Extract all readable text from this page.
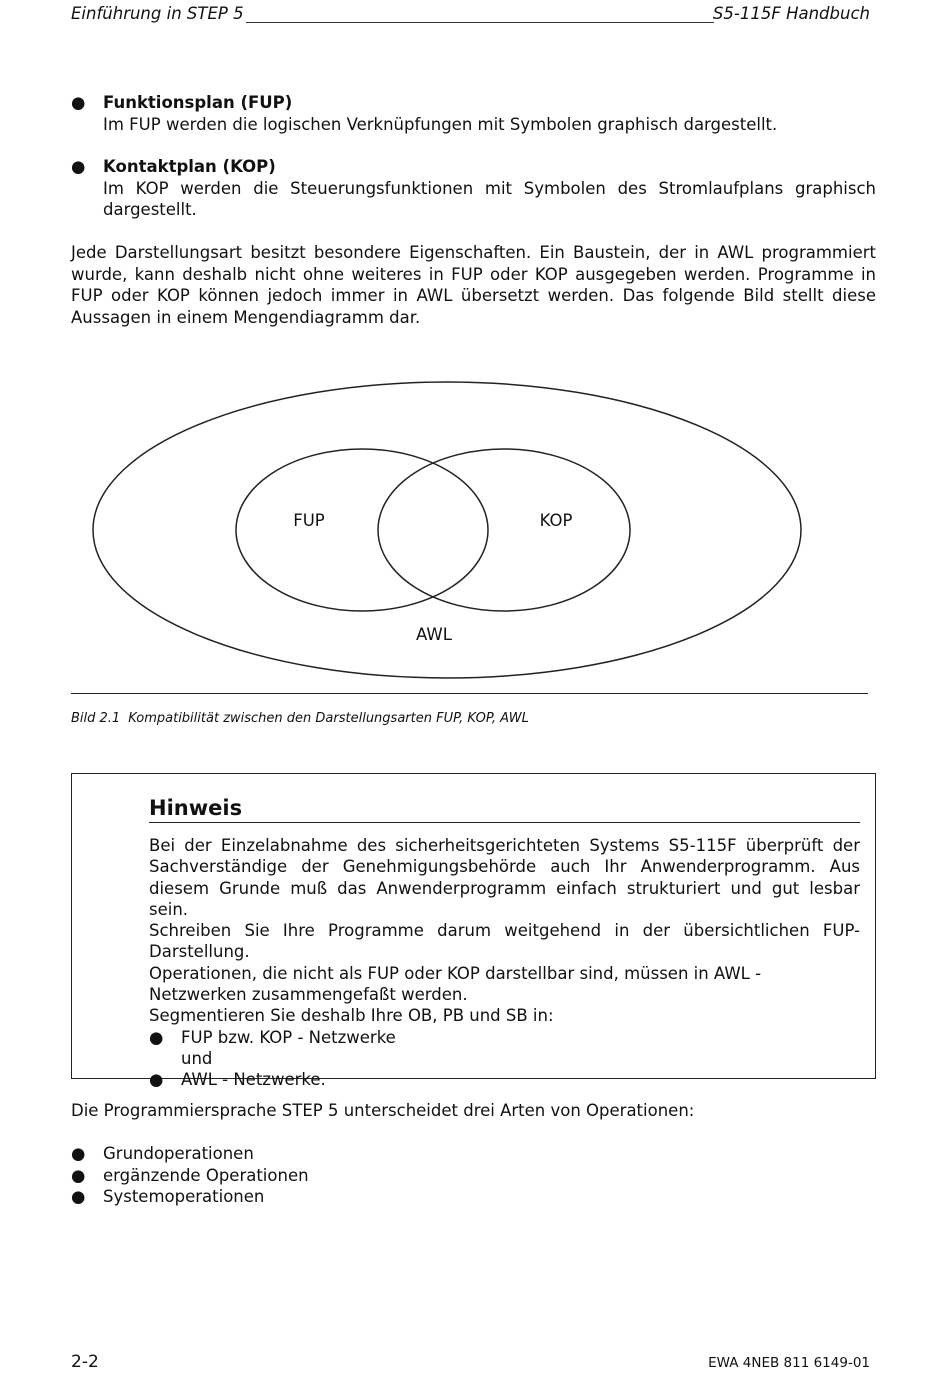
Einführung in STEP 5	S5-115F Handbuch
●	Funktionsplan (FUP)
Im FUP werden die logischen Verknüpfungen mit Symbolen graphisch dargestellt.
●	Kontaktplan (KOP)
Im KOP werden die Steuerungsfunktionen mit Symbolen des Stromlaufplans graphisch dargestellt.
Jede Darstellungsart besitzt besondere Eigenschaften. Ein Baustein, der in AWL programmiert wurde, kann deshalb nicht ohne weiteres in FUP oder KOP ausgegeben werden. Programme in FUP oder KOP können jedoch immer in AWL übersetzt werden. Das folgende Bild stellt diese Aussagen in einem Mengendiagramm dar.
FUP	KOP
AWL
Bild 2.1 Kompatibilität zwischen den Darstellungsarten FUP, KOP, AWL
Hinweis

Bei der Einzelabnahme des sicherheitsgerichteten Systems S5-115F überprüft der Sachverständige der Genehmigungsbehörde auch Ihr Anwenderprogramm. Aus diesem Grunde muß das Anwenderprogramm einfach strukturiert und gut lesbar sein.

Schreiben Sie Ihre Programme darum weitgehend in der übersichtlichen FUP-Darstellung.

Operationen, die nicht als FUP oder KOP darstellbar sind, müssen in AWL - Netzwerken zusammengefaßt werden.

Segmentieren Sie deshalb Ihre OB, PB und SB in:

● FUP bzw. KOP - Netzwerke
und
● AWL - Netzwerke.
Die Programmiersprache STEP 5 unterscheidet drei Arten von Operationen:
● Grundoperationen
● ergänzende Operationen
● Systemoperationen
2-2	EWA 4NEB 811 6149-01
